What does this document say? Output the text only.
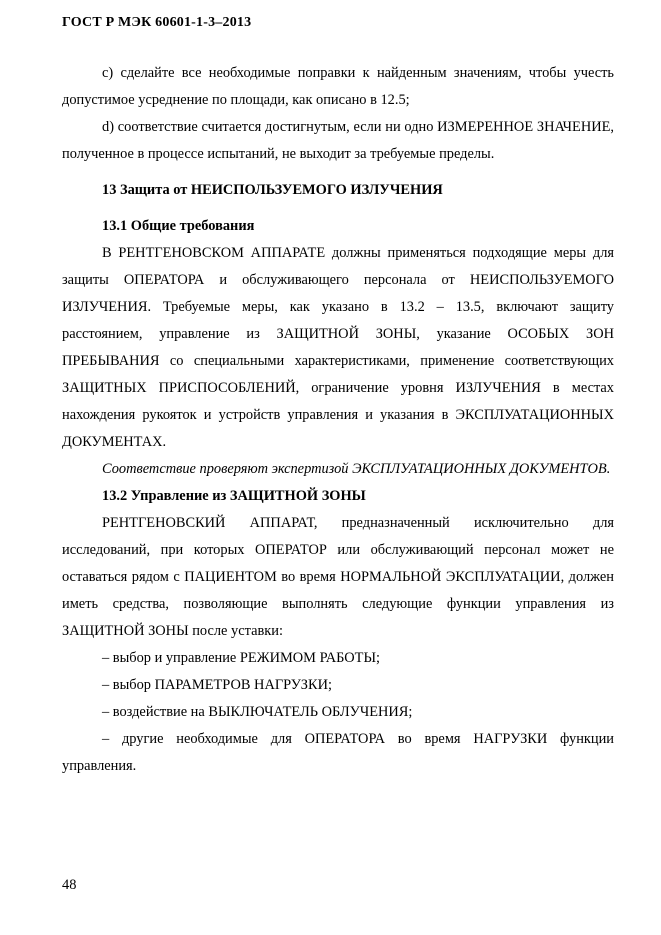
ГОСТ Р МЭК 60601-1-3–2013

c) сделайте все необходимые поправки к найденным значениям, чтобы учесть допустимое усреднение по площади, как описано в 12.5;

d) соответствие считается достигнутым, если ни одно ИЗМЕРЕННОЕ ЗНАЧЕНИЕ, полученное в процессе испытаний, не выходит за требуемые пределы.

13 Защита от НЕИСПОЛЬЗУЕМОГО ИЗЛУЧЕНИЯ

13.1 Общие требования

В РЕНТГЕНОВСКОМ АППАРАТЕ должны применяться подходящие меры для защиты ОПЕРАТОРА и обслуживающего персонала от НЕИСПОЛЬЗУЕМОГО ИЗЛУЧЕНИЯ. Требуемые меры, как указано в 13.2 – 13.5, включают защиту расстоянием, управление из ЗАЩИТНОЙ ЗОНЫ, указание ОСОБЫХ ЗОН ПРЕБЫВАНИЯ со специальными характеристиками, применение соответствующих ЗАЩИТНЫХ ПРИСПОСОБЛЕНИЙ, ограничение уровня ИЗЛУЧЕНИЯ в местах нахождения рукояток и устройств управления и указания в ЭКСПЛУАТАЦИОННЫХ ДОКУМЕНТАХ.

Соответствие проверяют экспертизой ЭКСПЛУАТАЦИОННЫХ ДОКУМЕНТОВ.

13.2 Управление из ЗАЩИТНОЙ ЗОНЫ

РЕНТГЕНОВСКИЙ АППАРАТ, предназначенный исключительно для исследований, при которых ОПЕРАТОР или обслуживающий персонал может не оставаться рядом с ПАЦИЕНТОМ во время НОРМАЛЬНОЙ ЭКСПЛУАТАЦИИ, должен иметь средства, позволяющие выполнять следующие функции управления из ЗАЩИТНОЙ ЗОНЫ после уставки:

– выбор и управление РЕЖИМОМ РАБОТЫ;

– выбор ПАРАМЕТРОВ НАГРУЗКИ;

– воздействие на ВЫКЛЮЧАТЕЛЬ ОБЛУЧЕНИЯ;

– другие необходимые для ОПЕРАТОРА во время НАГРУЗКИ функции управления.

48
